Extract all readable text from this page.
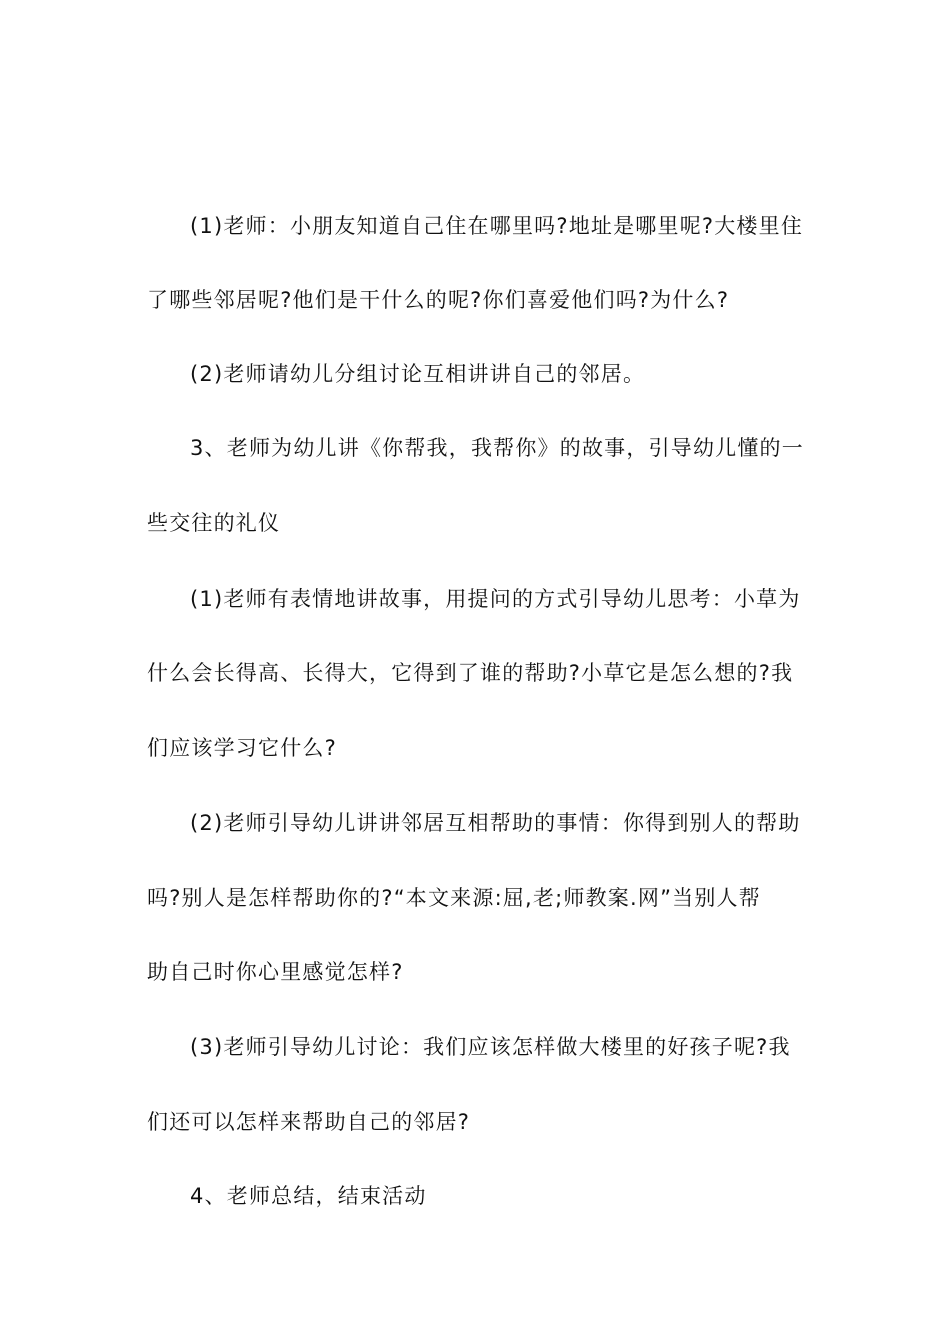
(1)老师：小朋友知道自己住在哪里吗?地址是哪里呢?大楼里住
了哪些邻居呢?他们是干什么的呢?你们喜爱他们吗?为什么?
(2)老师请幼儿分组讨论互相讲讲自己的邻居。
3、老师为幼儿讲《你帮我，我帮你》的故事，引导幼儿懂的一
些交往的礼仪
(1)老师有表情地讲故事，用提问的方式引导幼儿思考：小草为
什么会长得高、长得大，它得到了谁的帮助?小草它是怎么想的?我
们应该学习它什么?
(2)老师引导幼儿讲讲邻居互相帮助的事情：你得到别人的帮助
吗?别人是怎样帮助你的?“本文来源:屈,老;师教案.网”当别人帮
助自己时你心里感觉怎样?
(3)老师引导幼儿讨论：我们应该怎样做大楼里的好孩子呢?我
们还可以怎样来帮助自己的邻居?
4、老师总结，结束活动
